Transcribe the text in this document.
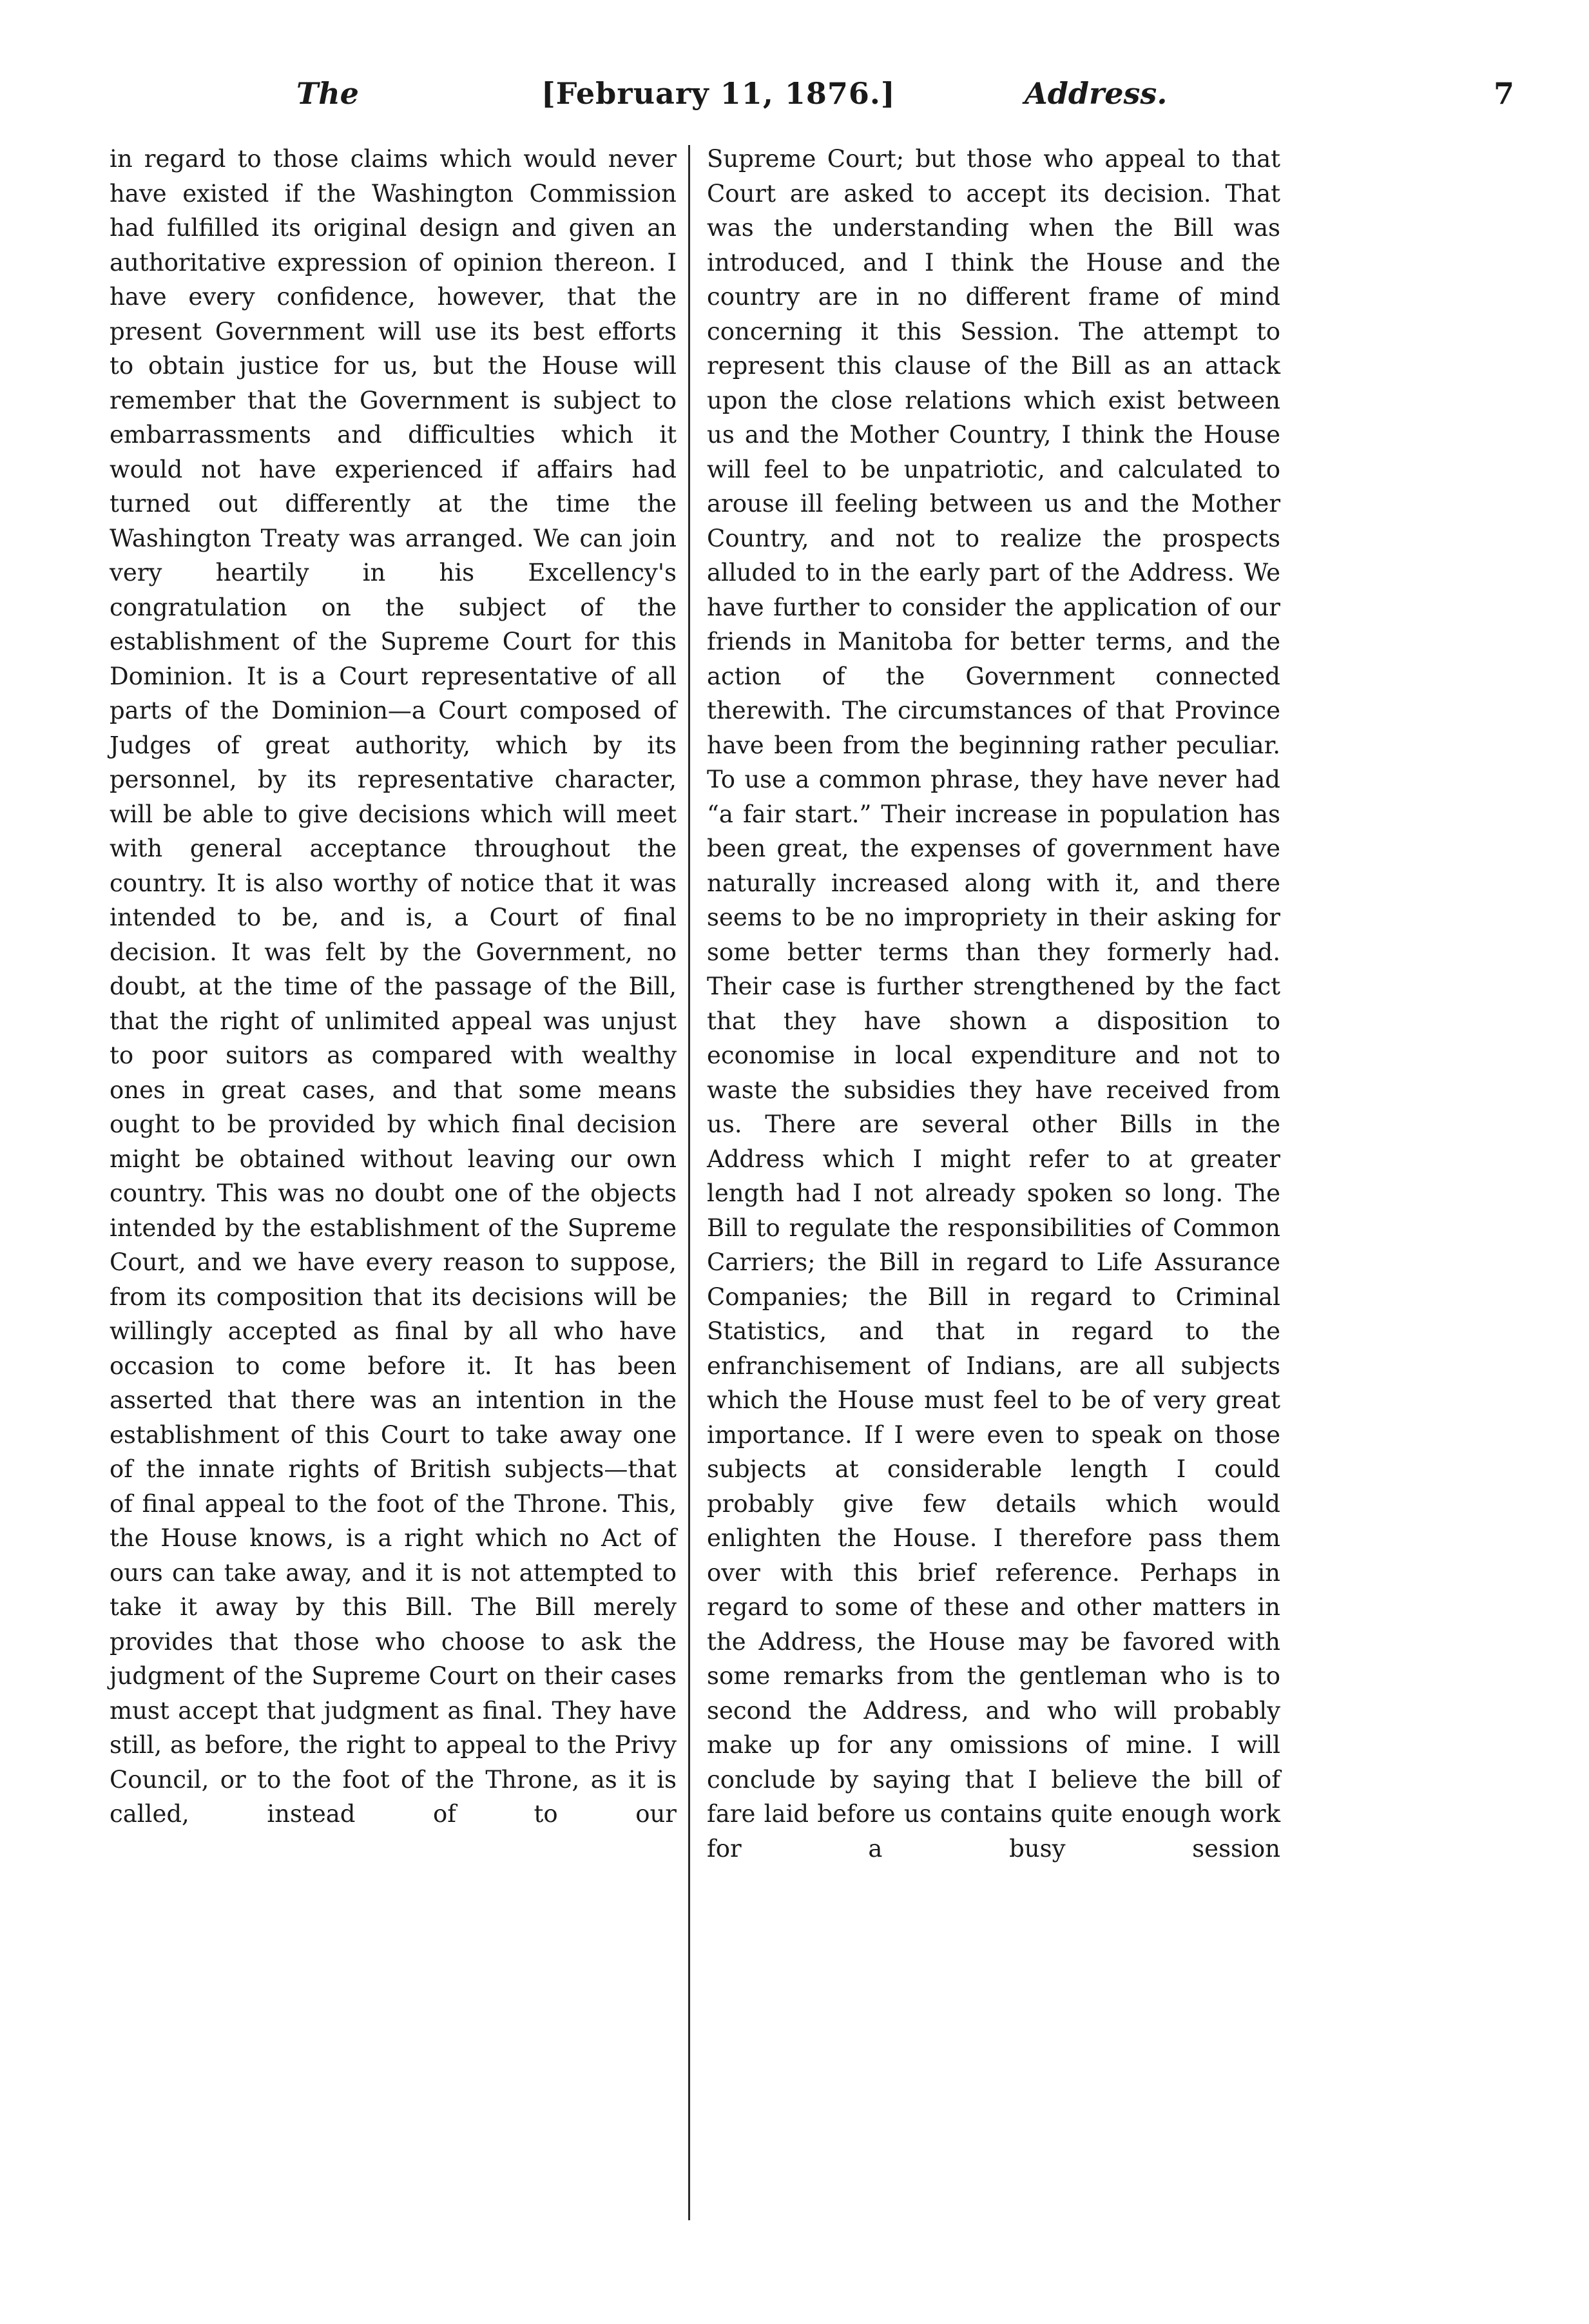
The	[February 11, 1876.]	Address.	7

in regard to those claims which would never have existed if the Washington Commission had fulfilled its original design and given an authoritative expression of opinion thereon. I have every confidence, however, that the present Government will use its best efforts to obtain justice for us, but the House will remember that the Government is subject to embarrassments and difficulties which it would not have experienced if affairs had turned out differently at the time the Washington Treaty was arranged. We can join very heartily in his Excellency's congratulation on the subject of the establishment of the Supreme Court for this Dominion. It is a Court representative of all parts of the Dominion—a Court composed of Judges of great authority, which by its personnel, by its representative character, will be able to give decisions which will meet with general acceptance throughout the country. It is also worthy of notice that it was intended to be, and is, a Court of final decision. It was felt by the Government, no doubt, at the time of the passage of the Bill, that the right of unlimited appeal was unjust to poor suitors as compared with wealthy ones in great cases, and that some means ought to be provided by which final decision might be obtained without leaving our own country. This was no doubt one of the objects intended by the establishment of the Supreme Court, and we have every reason to suppose, from its composition that its decisions will be willingly accepted as final by all who have occasion to come before it. It has been asserted that there was an intention in the establishment of this Court to take away one of the innate rights of British subjects—that of final appeal to the foot of the Throne. This, the House knows, is a right which no Act of ours can take away, and it is not attempted to take it away by this Bill. The Bill merely provides that those who choose to ask the judgment of the Supreme Court on their cases must accept that judgment as final. They have still, as before, the right to appeal to the Privy Council, or to the foot of the Throne, as it is called, instead of to our

Supreme Court; but those who appeal to that Court are asked to accept its decision. That was the understanding when the Bill was introduced, and I think the House and the country are in no different frame of mind concerning it this Session. The attempt to represent this clause of the Bill as an attack upon the close relations which exist between us and the Mother Country, I think the House will feel to be unpatriotic, and calculated to arouse ill feeling between us and the Mother Country, and not to realize the prospects alluded to in the early part of the Address. We have further to consider the application of our friends in Manitoba for better terms, and the action of the Government connected therewith. The circumstances of that Province have been from the beginning rather peculiar. To use a common phrase, they have never had “a fair start.” Their increase in population has been great, the expenses of government have naturally increased along with it, and there seems to be no impropriety in their asking for some better terms than they formerly had. Their case is further strengthened by the fact that they have shown a disposition to economise in local expenditure and not to waste the subsidies they have received from us. There are several other Bills in the Address which I might refer to at greater length had I not already spoken so long. The Bill to regulate the responsibilities of Common Carriers; the Bill in regard to Life Assurance Companies; the Bill in regard to Criminal Statistics, and that in regard to the enfranchisement of Indians, are all subjects which the House must feel to be of very great importance. If I were even to speak on those subjects at considerable length I could probably give few details which would enlighten the House. I therefore pass them over with this brief reference. Perhaps in regard to some of these and other matters in the Address, the House may be favored with some remarks from the gentleman who is to second the Address, and who will probably make up for any omissions of mine. I will conclude by saying that I believe the bill of fare laid before us contains quite enough work for a busy session
